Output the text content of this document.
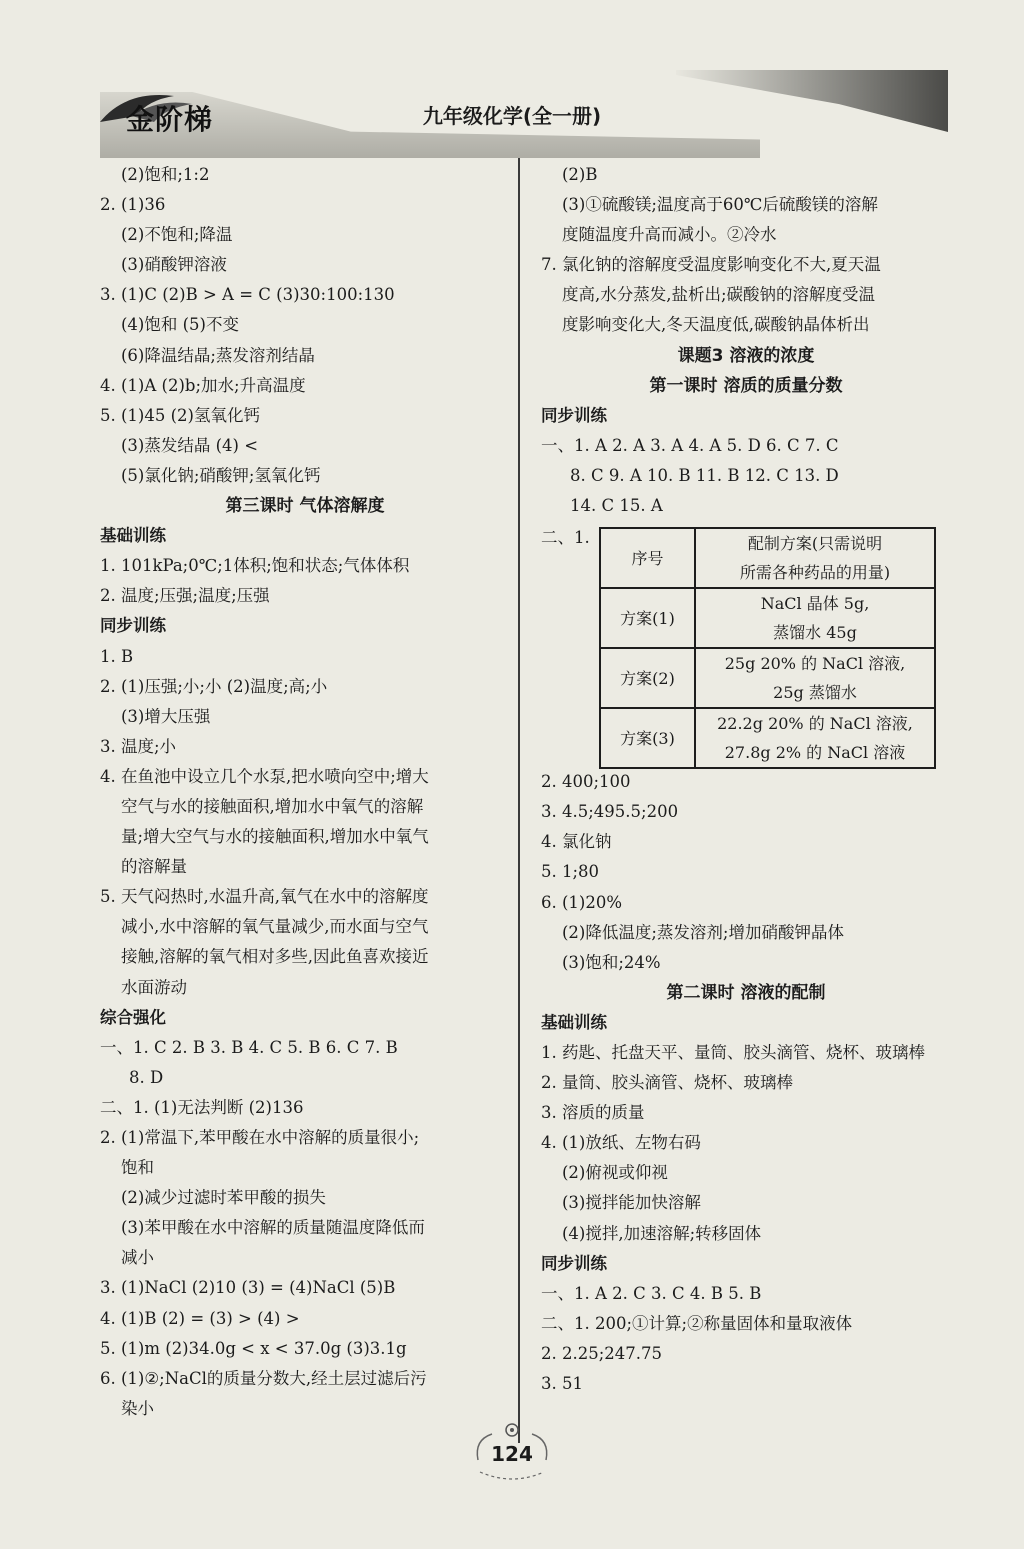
金阶梯	九年级化学(全一册)
(2)饱和;1:2
2. (1)36
(2)不饱和;降温
(3)硝酸钾溶液
3. (1)C (2)B > A = C (3)30:100:130
(4)饱和 (5)不变
(6)降温结晶;蒸发溶剂结晶
4. (1)A (2)b;加水;升高温度
5. (1)45 (2)氢氧化钙
(3)蒸发结晶 (4) <
(5)氯化钠;硝酸钾;氢氧化钙
第三课时 气体溶解度
基础训练
1. 101kPa;0℃;1体积;饱和状态;气体体积
2. 温度;压强;温度;压强
同步训练
1. B
2. (1)压强;小;小 (2)温度;高;小
(3)增大压强
3. 温度;小
4. 在鱼池中设立几个水泵,把水喷向空中;增大
空气与水的接触面积,增加水中氧气的溶解
量;增大空气与水的接触面积,增加水中氧气
的溶解量
5. 天气闷热时,水温升高,氧气在水中的溶解度
减小,水中溶解的氧气量减少,而水面与空气
接触,溶解的氧气相对多些,因此鱼喜欢接近
水面游动
综合强化
一、1. C 2. B 3. B 4. C 5. B 6. C 7. B
8. D
二、1. (1)无法判断 (2)136
2. (1)常温下,苯甲酸在水中溶解的质量很小;
饱和
(2)减少过滤时苯甲酸的损失
(3)苯甲酸在水中溶解的质量随温度降低而
减小
3. (1)NaCl (2)10 (3) = (4)NaCl (5)B
4. (1)B (2) = (3) > (4) >
5. (1)m (2)34.0g < x < 37.0g (3)3.1g
6. (1)②;NaCl的质量分数大,经土层过滤后污
染小
(2)B
(3)①硫酸镁;温度高于60℃后硫酸镁的溶解
度随温度升高而减小。②冷水
7. 氯化钠的溶解度受温度影响变化不大,夏天温
度高,水分蒸发,盐析出;碳酸钠的溶解度受温
度影响变化大,冬天温度低,碳酸钠晶体析出
课题3 溶液的浓度
第一课时 溶质的质量分数
同步训练
一、1. A 2. A 3. A 4. A 5. D 6. C 7. C
8. C 9. A 10. B 11. B 12. C 13. D
14. C 15. A
二、1.
序号	配制方案(只需说明
所需各种药品的用量)
方案(1)	NaCl 晶体 5g,
蒸馏水 45g
方案(2)	25g 20% 的 NaCl 溶液,
25g 蒸馏水
方案(3)	22.2g 20% 的 NaCl 溶液,
27.8g 2% 的 NaCl 溶液
2. 400;100
3. 4.5;495.5;200
4. 氯化钠
5. 1;80
6. (1)20%
(2)降低温度;蒸发溶剂;增加硝酸钾晶体
(3)饱和;24%
第二课时 溶液的配制
基础训练
1. 药匙、托盘天平、量筒、胶头滴管、烧杯、玻璃棒
2. 量筒、胶头滴管、烧杯、玻璃棒
3. 溶质的质量
4. (1)放纸、左物右码
(2)俯视或仰视
(3)搅拌能加快溶解
(4)搅拌,加速溶解;转移固体
同步训练
一、1. A 2. C 3. C 4. B 5. B
二、1. 200;①计算;②称量固体和量取液体
2. 2.25;247.75
3. 51
124
